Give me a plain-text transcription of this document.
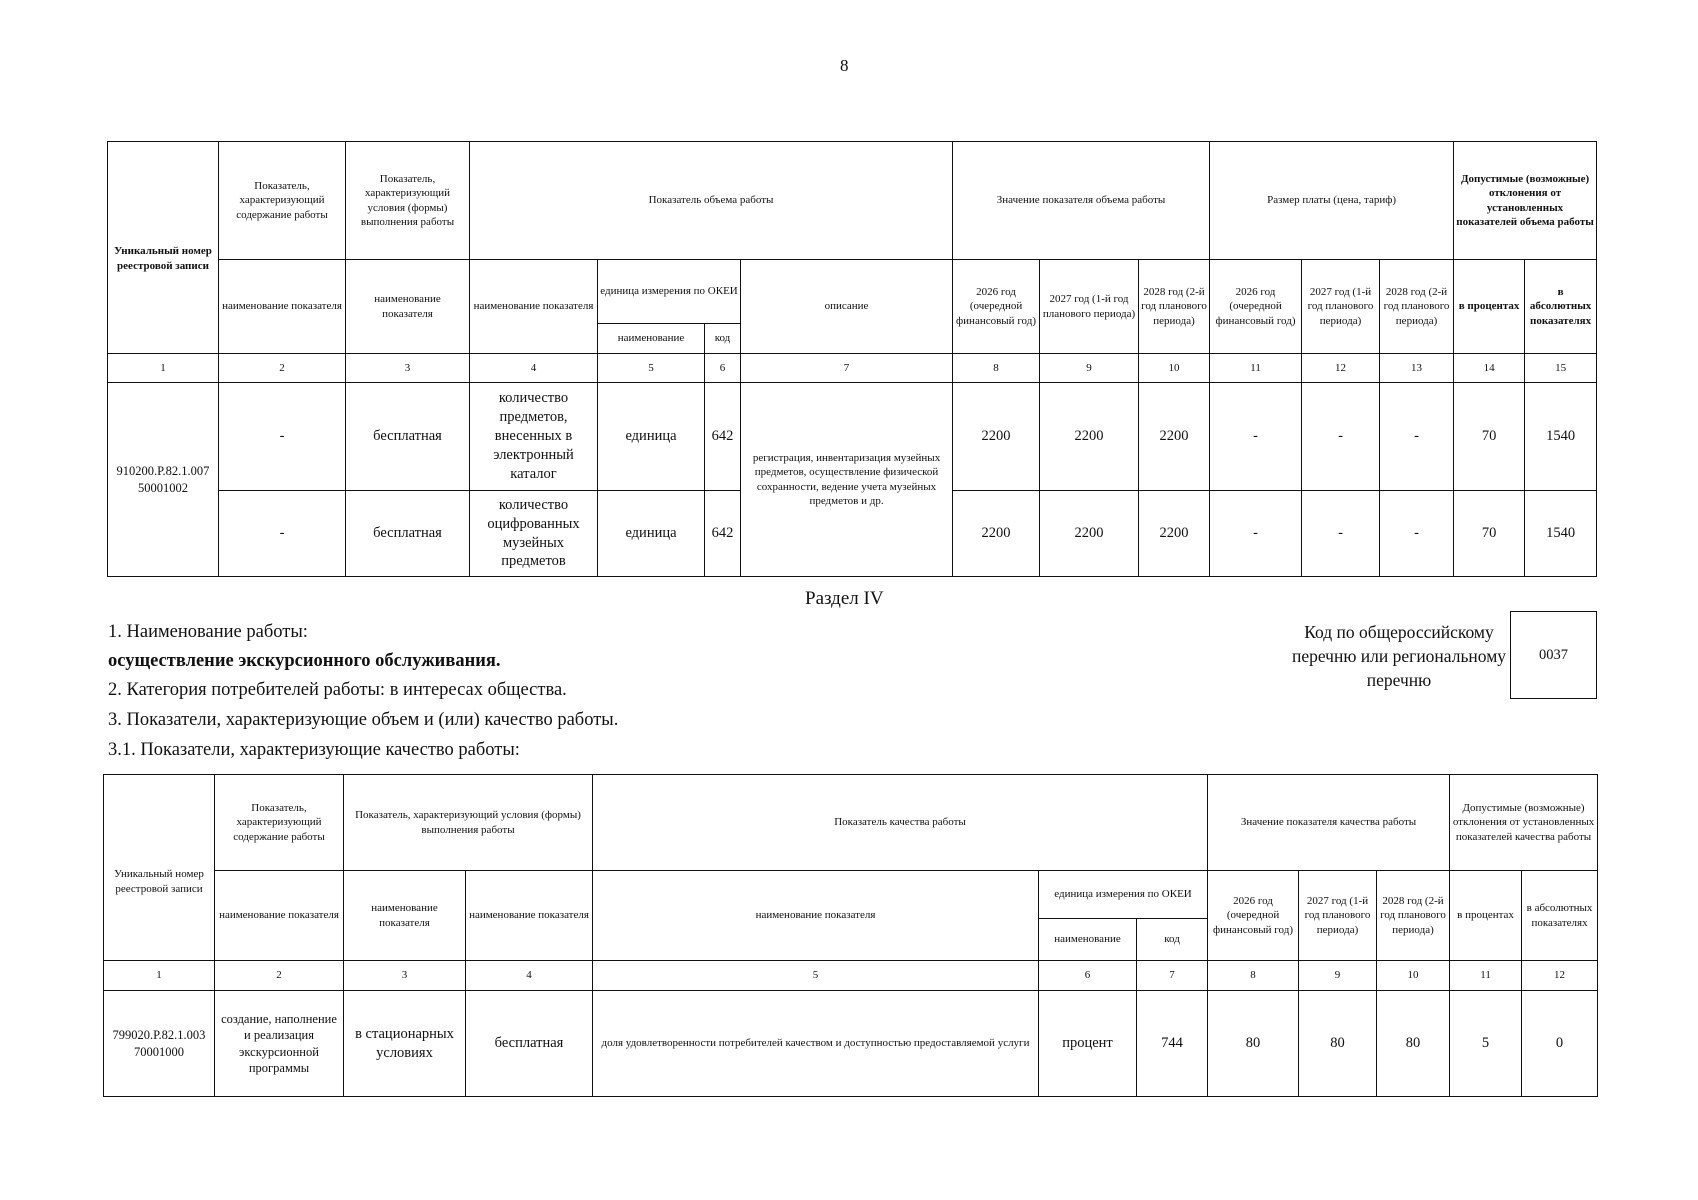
8
Уникальный номер реестровой записи	Показатель, характеризующий содержание работы	Показатель, характеризующий условия (формы) выполнения работы	Показатель объема работы				Значение показателя объема работы			Размер платы (цена, тариф)			Допустимые (возможные) отклонения от установленных показателей объема работы	
	наименование показателя	наименование показателя	наименование показателя	единица измерения по ОКЕИ		описание	2026 год (очередной финансовый год)	2027 год (1-й год планового периода)	2028 год (2-й год планового периода)	2026 год (очередной финансовый год)	2027 год (1-й год планового периода)	2028 год (2-й год планового периода)	в процентах	в абсолютных показателях
				наименование	код									
1	2	3	4	5	6	7	8	9	10	11	12	13	14	15
910200.Р.82.1.007 50001002	-	бесплатная	количество предметов, внесенных в электронный каталог	единица	642	регистрация, инвентаризация музейных предметов, осуществление физической сохранности, ведение учета музейных предметов и др.	2200	2200	2200	-	-	-	70	1540
	-	бесплатная	количество оцифрованных музейных предметов	единица	642		2200	2200	2200	-	-	-	70	1540
Раздел IV
1. Наименование работы:
осуществление экскурсионного обслуживания.
2. Категория потребителей работы: в интересах общества.
3. Показатели, характеризующие объем и (или) качество работы.
3.1. Показатели, характеризующие качество работы:
Код по общероссийскому перечню или региональному перечню
0037
Уникальный номер реестровой записи	Показатель, характеризующий содержание работы	Показатель, характеризующий условия (формы) выполнения работы		Показатель качества работы			Значение показателя качества работы			Допустимые (возможные) отклонения от установленных показателей качества работы	
	наименование показателя	наименование показателя	наименование показателя	наименование показателя	единица измерения по ОКЕИ		2026 год (очередной финансовый год)	2027 год (1-й год планового периода)	2028 год (2-й год планового периода)	в процентах	в абсолютных показателях
					наименование	код					
1	2	3	4	5	6	7	8	9	10	11	12
799020.Р.82.1.003 70001000	создание, наполнение и реализация экскурсионной программы	в стационарных условиях	бесплатная	доля удовлетворенности потребителей качеством и доступностью предоставляемой услуги	процент	744	80	80	80	5	0
